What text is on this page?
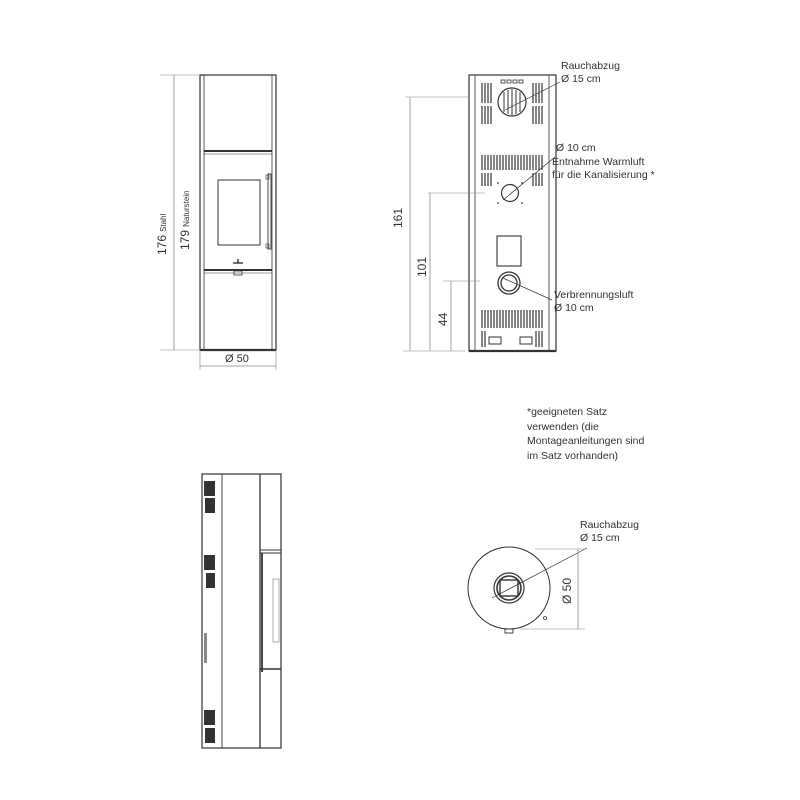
176 Stahl
179 Naturstein
Ø 50
Rauchabzug
Ø 15 cm
Ø 10 cm
Entnahme Warmluft
für die Kanalisierung *
Verbrennungsluft
Ø 10 cm
161
101
44
*geeigneten Satz
verwenden (die
Montageanleitungen sind
im Satz vorhanden)
Rauchabzug
Ø 15 cm
Ø 50
